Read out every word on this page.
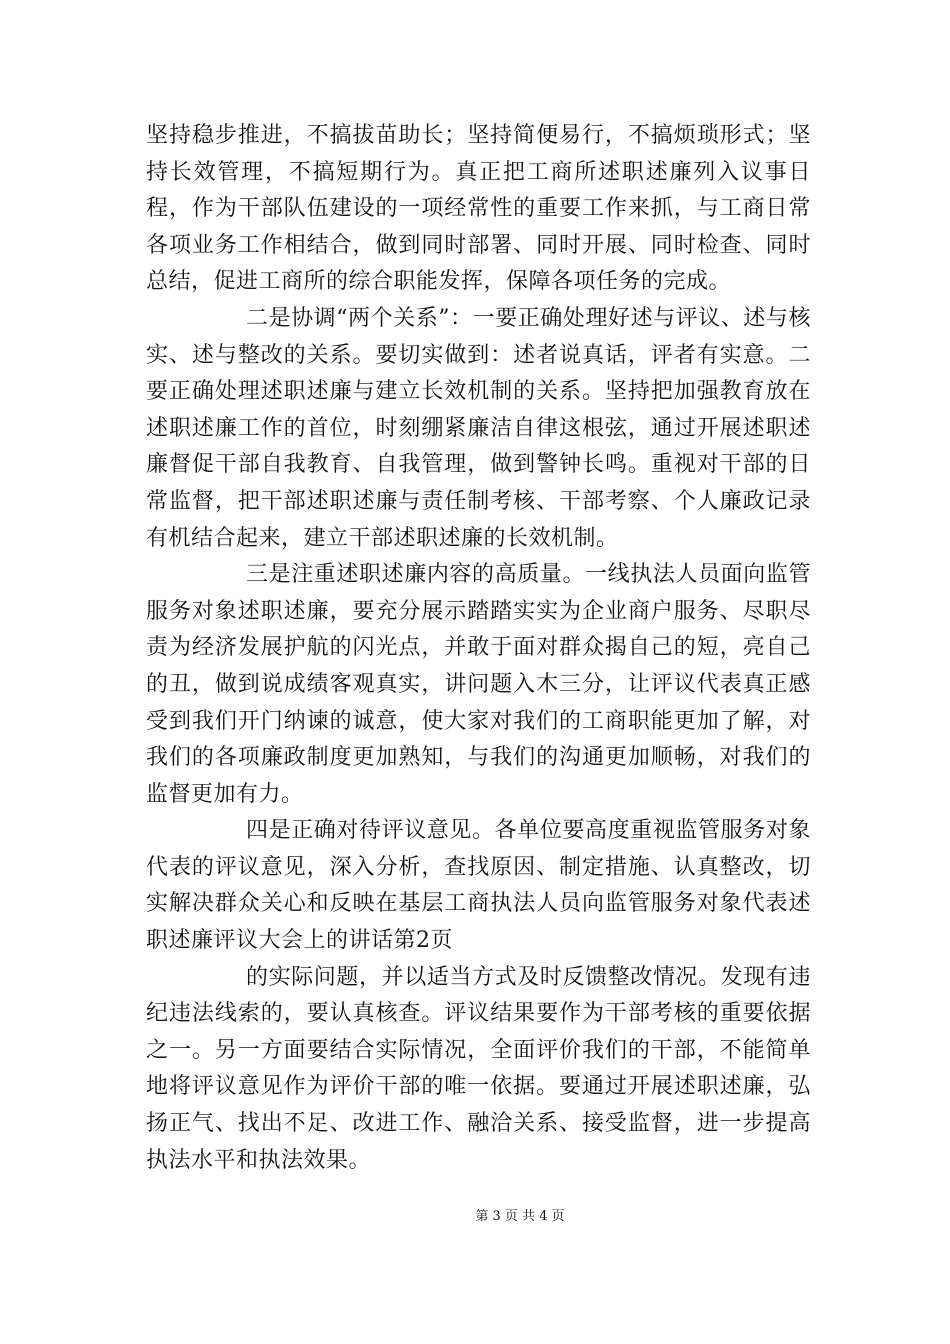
坚持稳步推进，不搞拔苗助长；坚持简便易行，不搞烦琐形式；坚持长效管理，不搞短期行为。真正把工商所述职述廉列入议事日程，作为干部队伍建设的一项经常性的重要工作来抓，与工商日常各项业务工作相结合，做到同时部署、同时开展、同时检查、同时总结，促进工商所的综合职能发挥，保障各项任务的完成。

二是协调“两个关系”：一要正确处理好述与评议、述与核实、述与整改的关系。要切实做到：述者说真话，评者有实意。二要正确处理述职述廉与建立长效机制的关系。坚持把加强教育放在述职述廉工作的首位，时刻绷紧廉洁自律这根弦，通过开展述职述廉督促干部自我教育、自我管理，做到警钟长鸣。重视对干部的日常监督，把干部述职述廉与责任制考核、干部考察、个人廉政记录有机结合起来，建立干部述职述廉的长效机制。

三是注重述职述廉内容的高质量。一线执法人员面向监管服务对象述职述廉，要充分展示踏踏实实为企业商户服务、尽职尽责为经济发展护航的闪光点，并敢于面对群众揭自己的短，亮自己的丑，做到说成绩客观真实，讲问题入木三分，让评议代表真正感受到我们开门纳谏的诚意，使大家对我们的工商职能更加了解，对我们的各项廉政制度更加熟知，与我们的沟通更加顺畅，对我们的监督更加有力。

四是正确对待评议意见。各单位要高度重视监管服务对象代表的评议意见，深入分析，查找原因、制定措施、认真整改，切实解决群众关心和反映在基层工商执法人员向监管服务对象代表述职述廉评议大会上的讲话第2页

的实际问题，并以适当方式及时反馈整改情况。发现有违纪违法线索的，要认真核查。评议结果要作为干部考核的重要依据之一。另一方面要结合实际情况，全面评价我们的干部，不能简单地将评议意见作为评价干部的唯一依据。要通过开展述职述廉，弘扬正气、找出不足、改进工作、融洽关系、接受监督，进一步提高执法水平和执法效果。

第 3 页 共 4 页
